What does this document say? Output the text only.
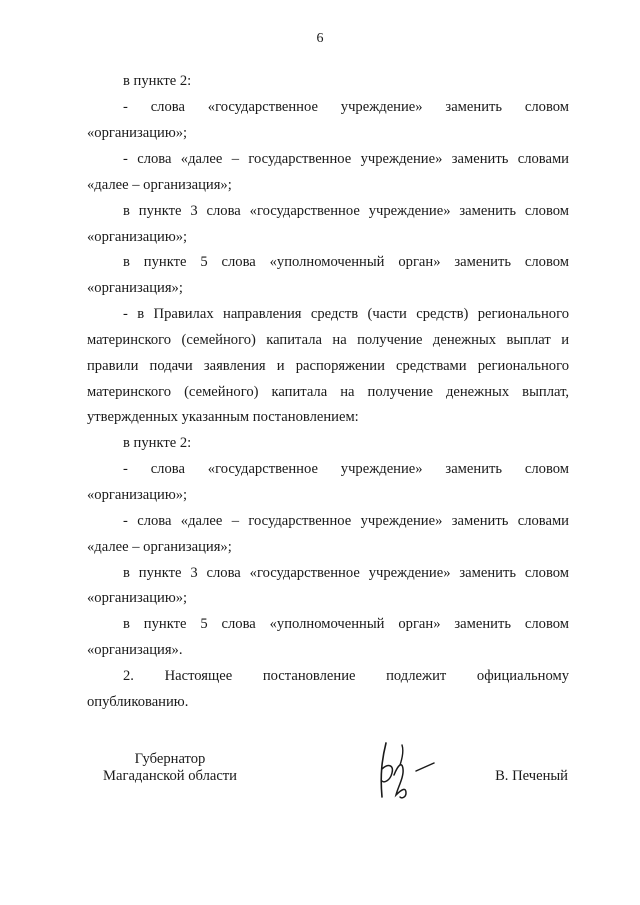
6
в пункте 2:
- слова «государственное учреждение» заменить словом
«организацию»;
- слова «далее – государственное учреждение» заменить словами
«далее – организация»;
в пункте 3 слова «государственное учреждение» заменить словом
«организацию»;
в пункте 5 слова «уполномоченный орган» заменить словом
«организация»;
- в Правилах направления средств (части средств) регионального
материнского (семейного) капитала на получение денежных выплат и
правили подачи заявления и распоряжении средствами регионального
материнского (семейного) капитала на получение денежных выплат,
утвержденных указанным постановлением:
в пункте 2:
- слова «государственное учреждение» заменить словом
«организацию»;
- слова «далее – государственное учреждение» заменить словами
«далее – организация»;
в пункте 3 слова «государственное учреждение» заменить словом
«организацию»;
в пункте 5 слова «уполномоченный орган» заменить словом
«организация».
2. Настоящее постановление подлежит официальному
опубликованию.
Губернатор
Магаданской области	В. Печеный
